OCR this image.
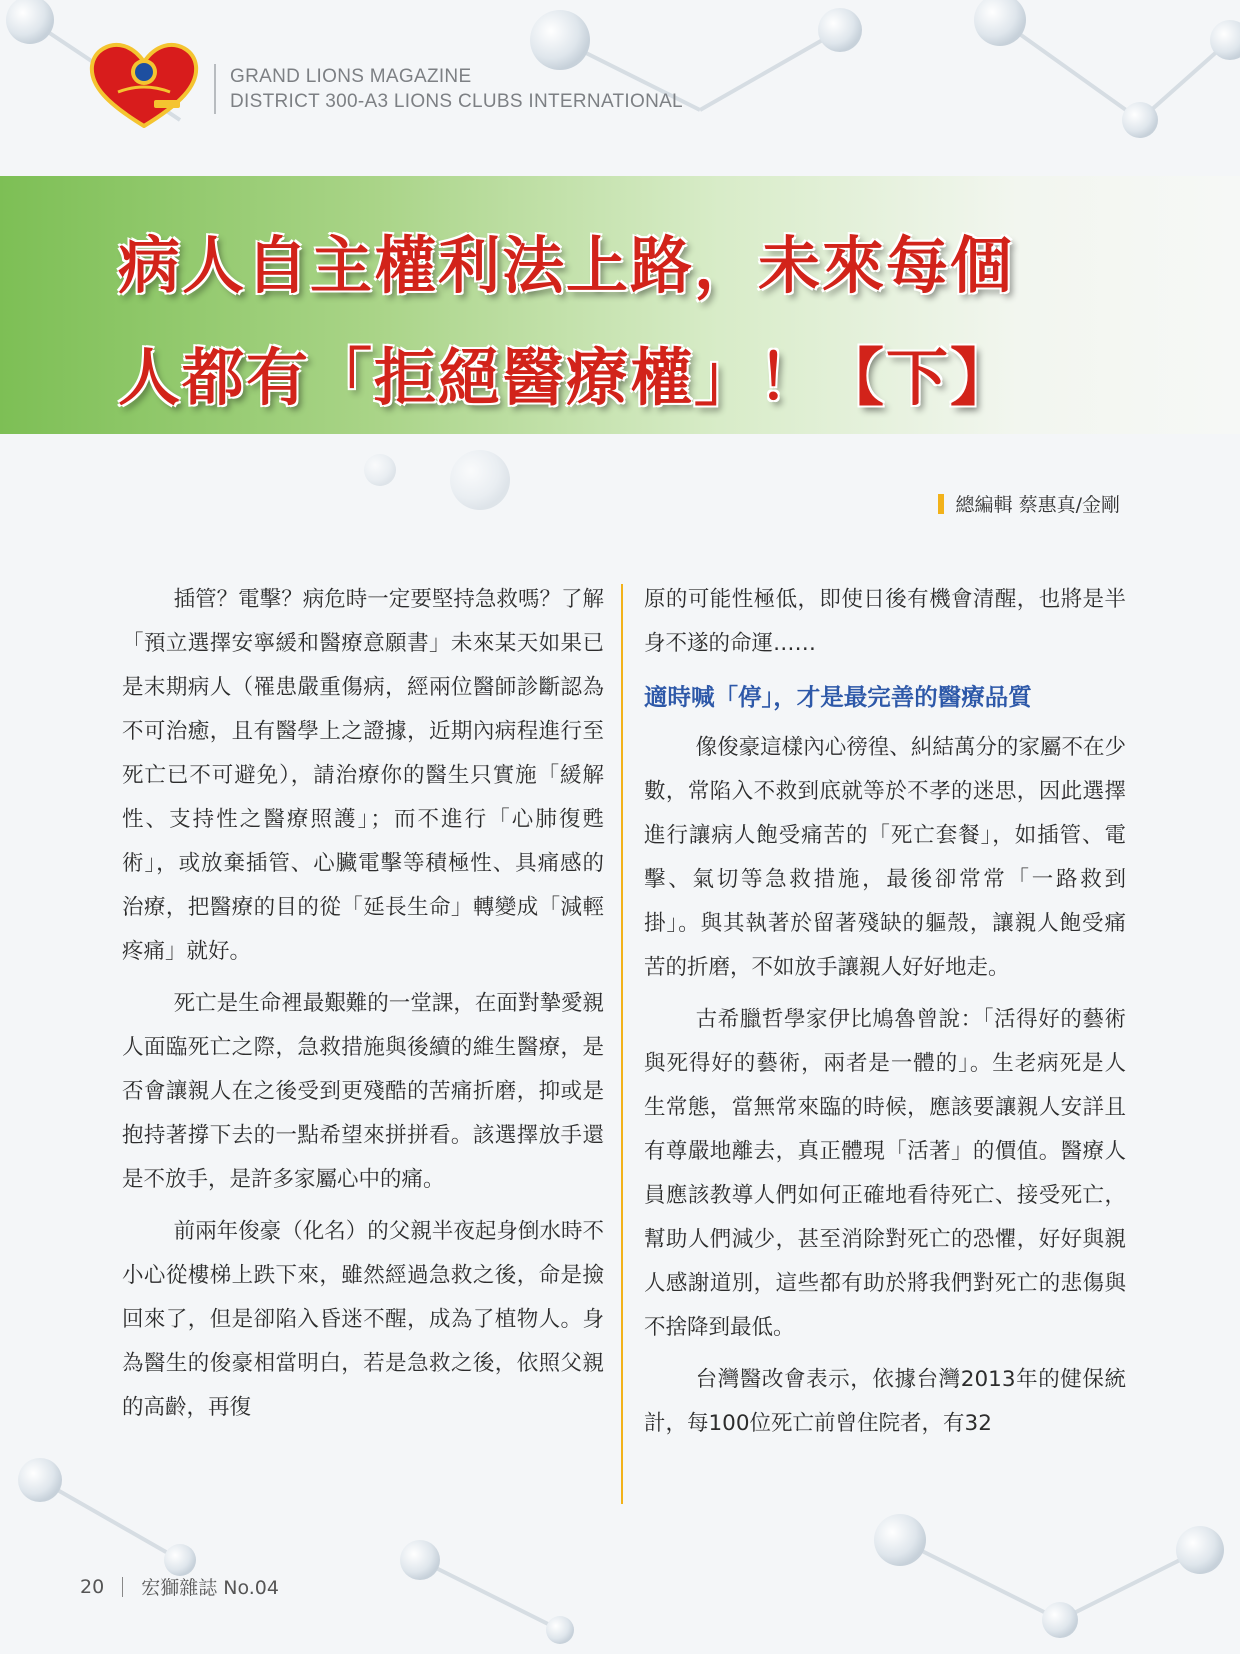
GRAND LIONS MAGAZINE
DISTRICT 300-A3 LIONS CLUBS INTERNATIONAL
病人自主權利法上路，未來每個
人都有「拒絕醫療權」！【下】
總編輯 蔡惠真/金剛

插管？電擊？病危時一定要堅持急救嗎？了解「預立選擇安寧緩和醫療意願書」未來某天如果已是末期病人（罹患嚴重傷病，經兩位醫師診斷認為不可治癒，且有醫學上之證據，近期內病程進行至死亡已不可避免），請治療你的醫生只實施「緩解性、支持性之醫療照護」；而不進行「心肺復甦術」，或放棄插管、心臟電擊等積極性、具痛感的治療，把醫療的目的從「延長生命」轉變成「減輕疼痛」就好。

死亡是生命裡最艱難的一堂課，在面對摯愛親人面臨死亡之際，急救措施與後續的維生醫療，是否會讓親人在之後受到更殘酷的苦痛折磨，抑或是抱持著撐下去的一點希望來拼拼看。該選擇放手還是不放手，是許多家屬心中的痛。

前兩年俊豪（化名）的父親半夜起身倒水時不小心從樓梯上跌下來，雖然經過急救之後，命是撿回來了，但是卻陷入昏迷不醒，成為了植物人。身為醫生的俊豪相當明白，若是急救之後，依照父親的高齡，再復

原的可能性極低，即使日後有機會清醒，也將是半身不遂的命運……

適時喊「停」，才是最完善的醫療品質

像俊豪這樣內心徬徨、糾結萬分的家屬不在少數，常陷入不救到底就等於不孝的迷思，因此選擇進行讓病人飽受痛苦的「死亡套餐」，如插管、電擊、氣切等急救措施，最後卻常常「一路救到掛」。與其執著於留著殘缺的軀殼，讓親人飽受痛苦的折磨，不如放手讓親人好好地走。

古希臘哲學家伊比鳩魯曾說：「活得好的藝術與死得好的藝術，兩者是一體的」。生老病死是人生常態，當無常來臨的時候，應該要讓親人安詳且有尊嚴地離去，真正體現「活著」的價值。醫療人員應該教導人們如何正確地看待死亡、接受死亡，幫助人們減少，甚至消除對死亡的恐懼，好好與親人感謝道別，這些都有助於將我們對死亡的悲傷與不捨降到最低。

台灣醫改會表示，依據台灣2013年的健保統計，每100位死亡前曾住院者，有32

20 宏獅雜誌 No.04
